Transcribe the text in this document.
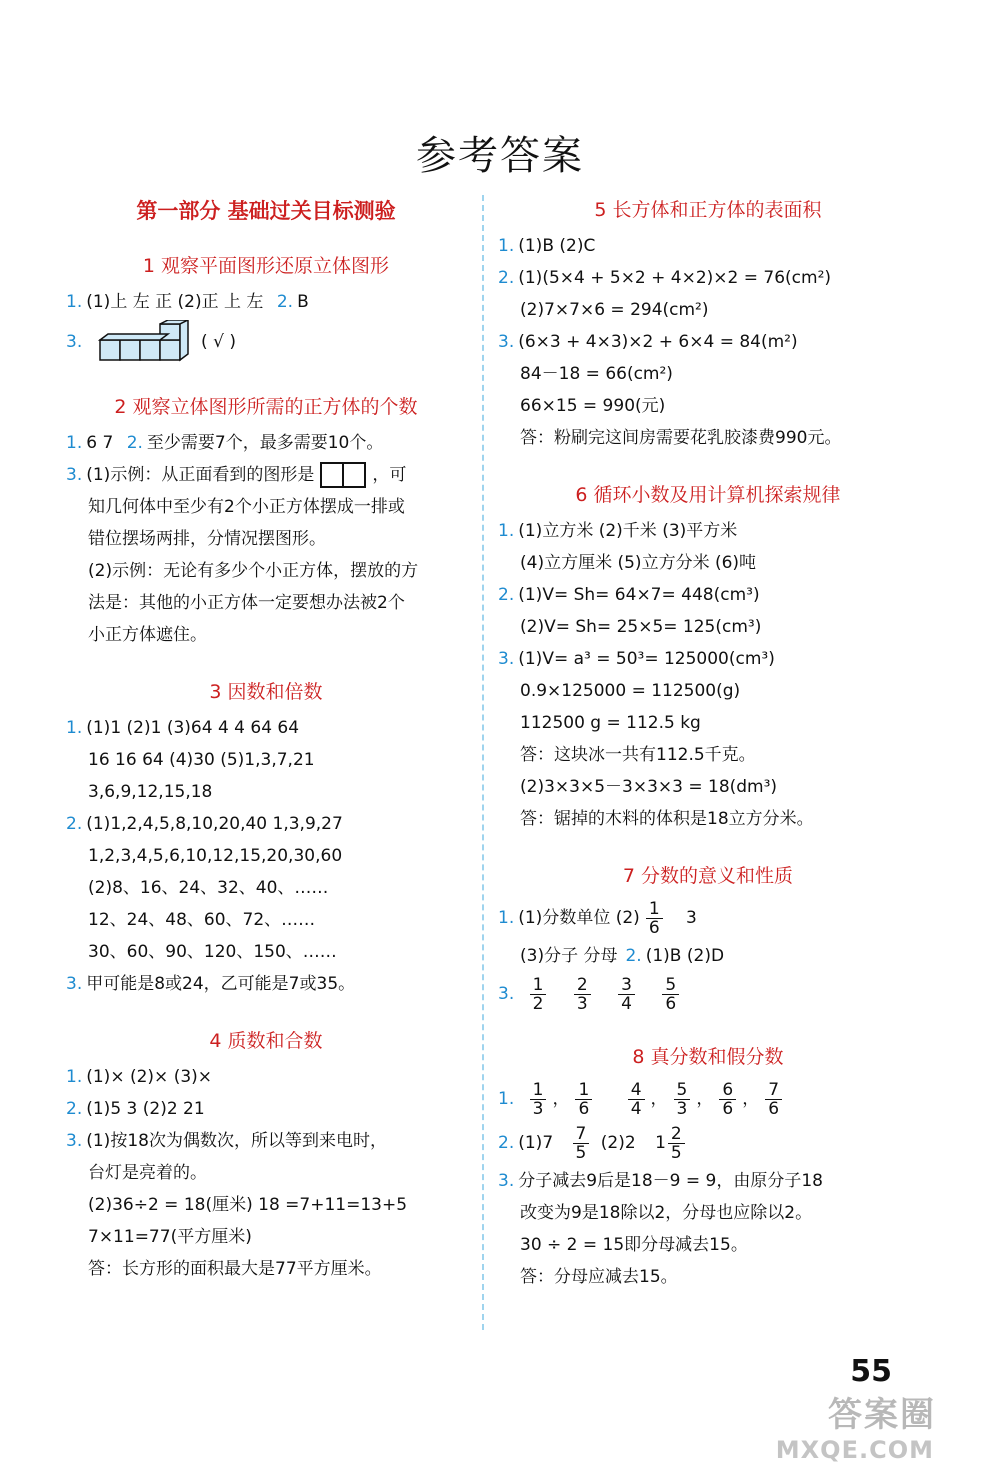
参考答案
第一部分 基础过关目标测验
1 观察平面图形还原立体图形
1. (1)上 左 正 (2)正 上 左 2. B
3.	( √ )
2 观察立体图形所需的正方体的个数
1. 6 7 2. 至少需要7个，最多需要10个。
3. (1)示例：从正面看到的图形是	，可
知几何体中至少有2个小正方体摆成一排或
错位摆场两排，分情况摆图形。
(2)示例：无论有多少个小正方体，摆放的方
法是：其他的小正方体一定要想办法被2个
小正方体遮住。
3 因数和倍数
1. (1)1 (2)1 (3)64 4 4 64 64
16 16 64 (4)30 (5)1,3,7,21
3,6,9,12,15,18
2. (1)1,2,4,5,8,10,20,40 1,3,9,27
1,2,3,4,5,6,10,12,15,20,30,60
(2)8、16、24、32、40、……
12、24、48、60、72、……
30、60、90、120、150、……
3. 甲可能是8或24，乙可能是7或35。
4 质数和合数
1. (1)× (2)× (3)×
2. (1)5 3 (2)2 21
3. (1)按18次为偶数次，所以等到来电时，
台灯是亮着的。
(2)36÷2 = 18(厘米) 18 =7+11=13+5
7×11=77(平方厘米)
答：长方形的面积最大是77平方厘米。
5 长方体和正方体的表面积
1. (1)B (2)C
2. (1)(5×4 + 5×2 + 4×2)×2 = 76(cm²)
(2)7×7×6 = 294(cm²)
3. (6×3 + 4×3)×2 + 6×4 = 84(m²)
84－18 = 66(cm²)
66×15 = 990(元)
答：粉刷完这间房需要花乳胶漆费990元。
6 循环小数及用计算机探索规律
1. (1)立方米 (2)千米 (3)平方米
(4)立方厘米 (5)立方分米 (6)吨
2. (1)V= Sh= 64×7= 448(cm³)
(2)V= Sh= 25×5= 125(cm³)
3. (1)V= a³ = 50³= 125000(cm³)
0.9×125000 = 112500(g)
112500 g = 112.5 kg
答：这块冰一共有112.5千克。
(2)3×3×5－3×3×3 = 18(dm³)
答：锯掉的木料的体积是18立方分米。
7 分数的意义和性质
1. (1)分数单位 $(2) \frac{1}{6} 3$
(3)分子 分母 2. (1)B (2)D
3. $\frac{1}{2}$
$\frac{2}{3}$
$\frac{3}{4}$
$\frac{5}{6}$
8 真分数和假分数
1. $\frac{1}{3}$ ， $\frac{1}{6}$
$\frac{4}{4}$ ， $\frac{5}{3}$ ， $\frac{6}{6}$ ， $\frac{7}{6}$
2. $(1)7 \frac{7}{5} (2)2$ $1 \frac{2}{5}$
3. 分子减去9后是18－9 = 9，由原分子18
改变为9是18除以2，分母也应除以2。
30 ÷ 2 = 15即分母减去15。
答：分母应减去15。
55
答案圈
MXQE.COM
